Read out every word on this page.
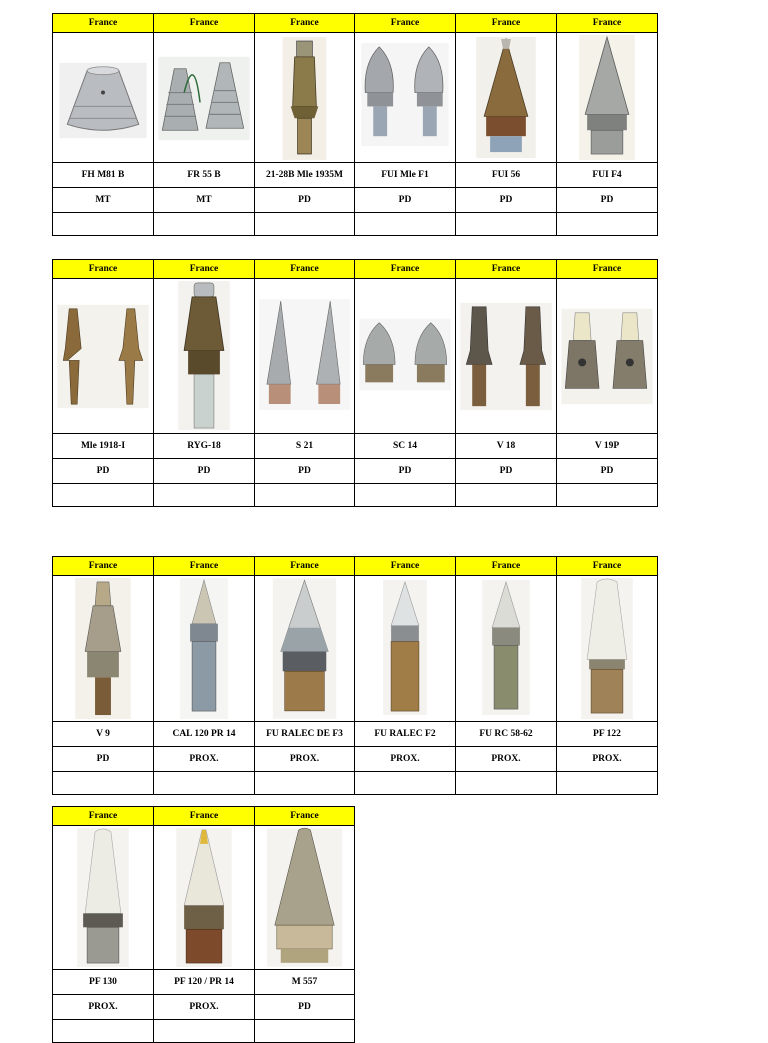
France	France	France	France	France	France

FH M81 B	FR 55 B	21-28B Mle 1935M	FUI Mle F1	FUI 56	FUI F4
MT	MT	PD	PD	PD	PD

France	France	France	France	France	France

Mle 1918-I	RYG-18	S 21	SC 14	V 18	V 19P
PD	PD	PD	PD	PD	PD

France	France	France	France	France	France

V 9	CAL 120 PR 14	FU RALEC DE F3	FU RALEC F2	FU RC 58-62	PF 122
PD	PROX.	PROX.	PROX.	PROX.	PROX.

France	France	France

PF 130	PF 120 / PR 14	M 557
PROX.	PROX.	PD
